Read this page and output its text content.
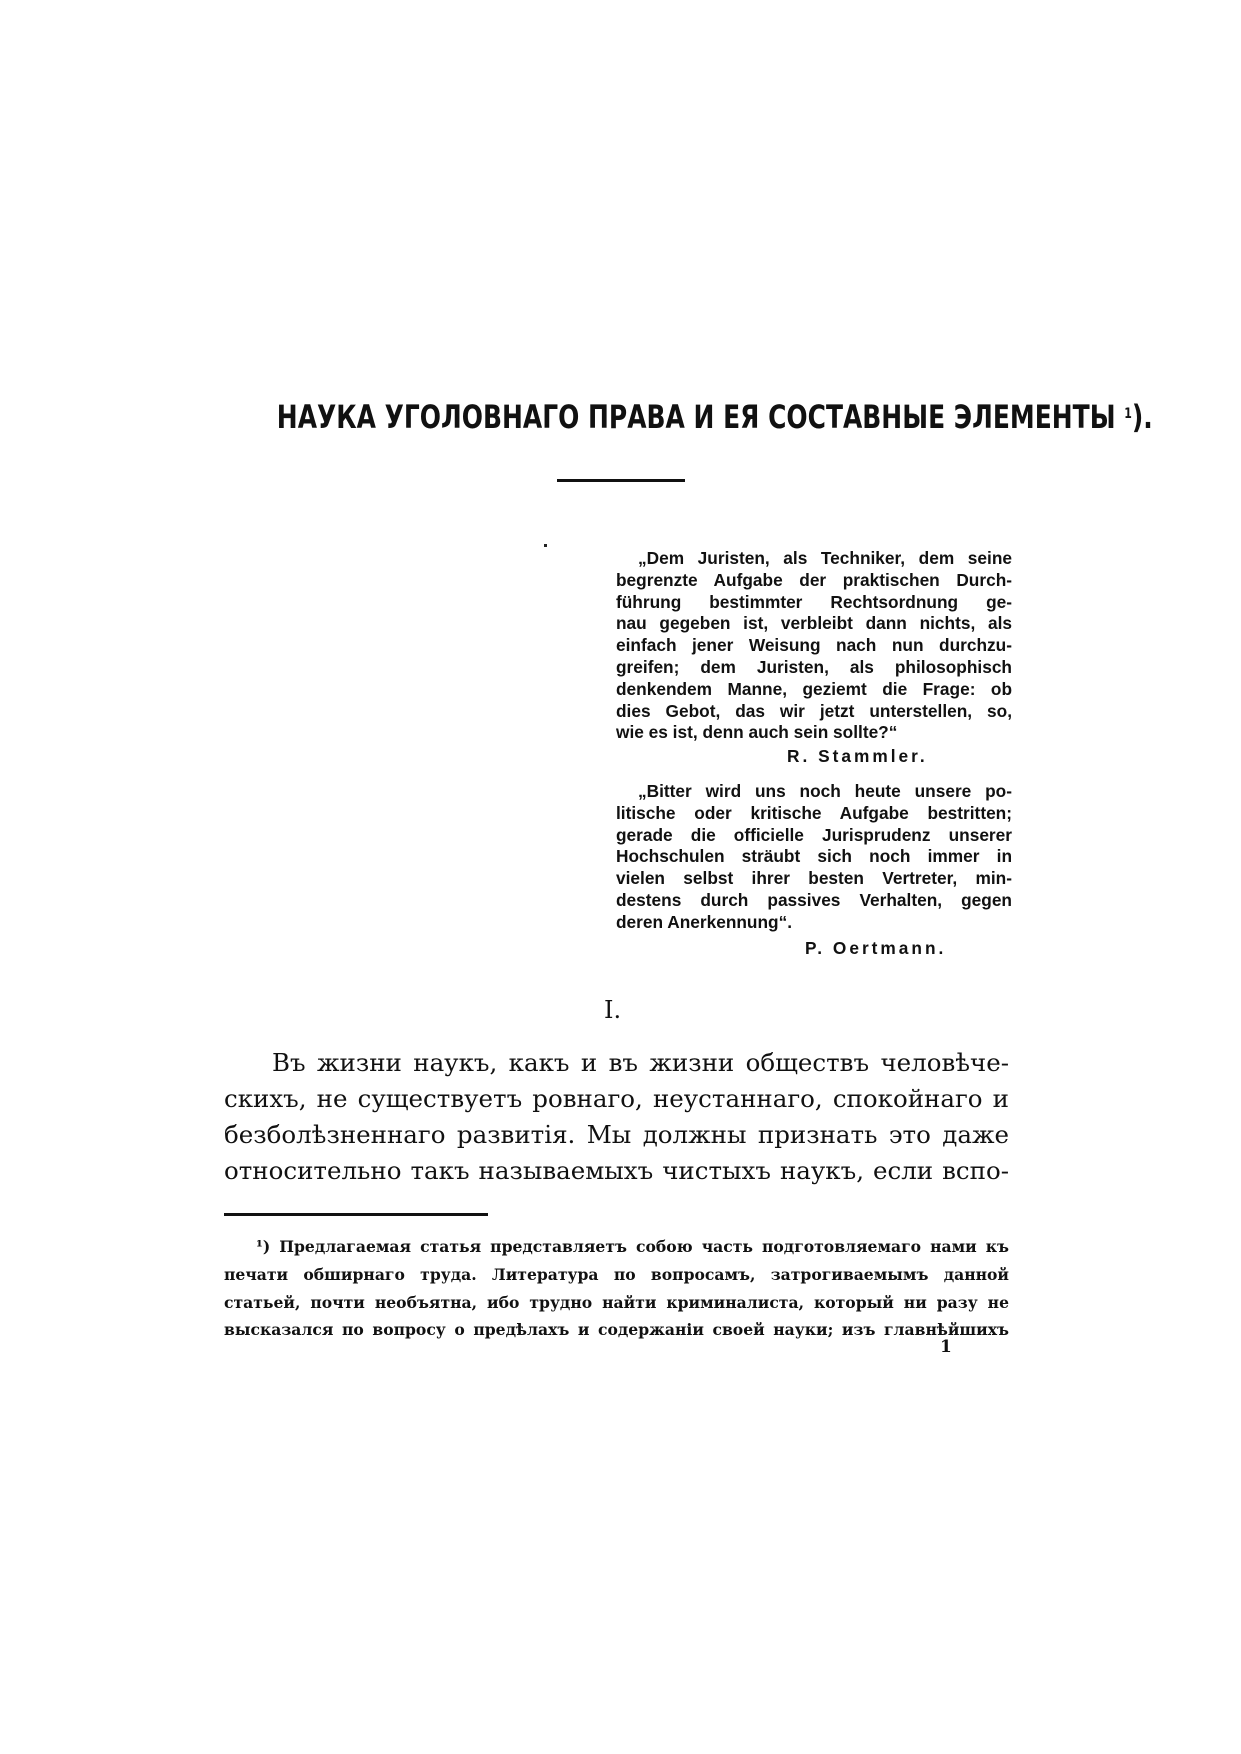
НАУКА УГОЛОВНАГО ПРАВА И ЕЯ СОСТАВНЫЕ ЭЛЕМЕНТЫ $^1$).
„Dem Juristen, als Techniker, dem seine
begrenzte Aufgabe der praktischen Durch-
führung bestimmter Rechtsordnung ge-
nau gegeben ist, verbleibt dann nichts, als
einfach jener Weisung nach nun durchzu-
greifen; dem Juristen, als philosophisch
denkendem Manne, geziemt die Frage: ob
dies Gebot, das wir jetzt unterstellen, so,
wie es ist, denn auch sein sollte?“
R. Stammler.
„Bitter wird uns noch heute unsere po-
litische oder kritische Aufgabe bestritten;
gerade die officielle Jurisprudenz unserer
Hochschulen sträubt sich noch immer in
vielen selbst ihrer besten Vertreter, min-
destens durch passives Verhalten, gegen
deren Anerkennung“.
P. Oertmann.
I.
Въ жизни наукъ, какъ и въ жизни обществъ человѣче-
скихъ, не существуетъ ровнаго, неустаннаго, спокойнаго и
безболѣзненнаго развитія. Мы должны признать это даже
относительно такъ называемыхъ чистыхъ наукъ, если вспо-
¹) Предлагаемая статья представляетъ собою часть подготовляемаго нами къ
печати обширнаго труда. Литература по вопросамъ, затрогиваемымъ данной
статьей, почти необъятна, ибо трудно найти криминалиста, который ни разу не
высказался по вопросу о предѣлахъ и содержаніи своей науки; изъ главнѣйшихъ
1
